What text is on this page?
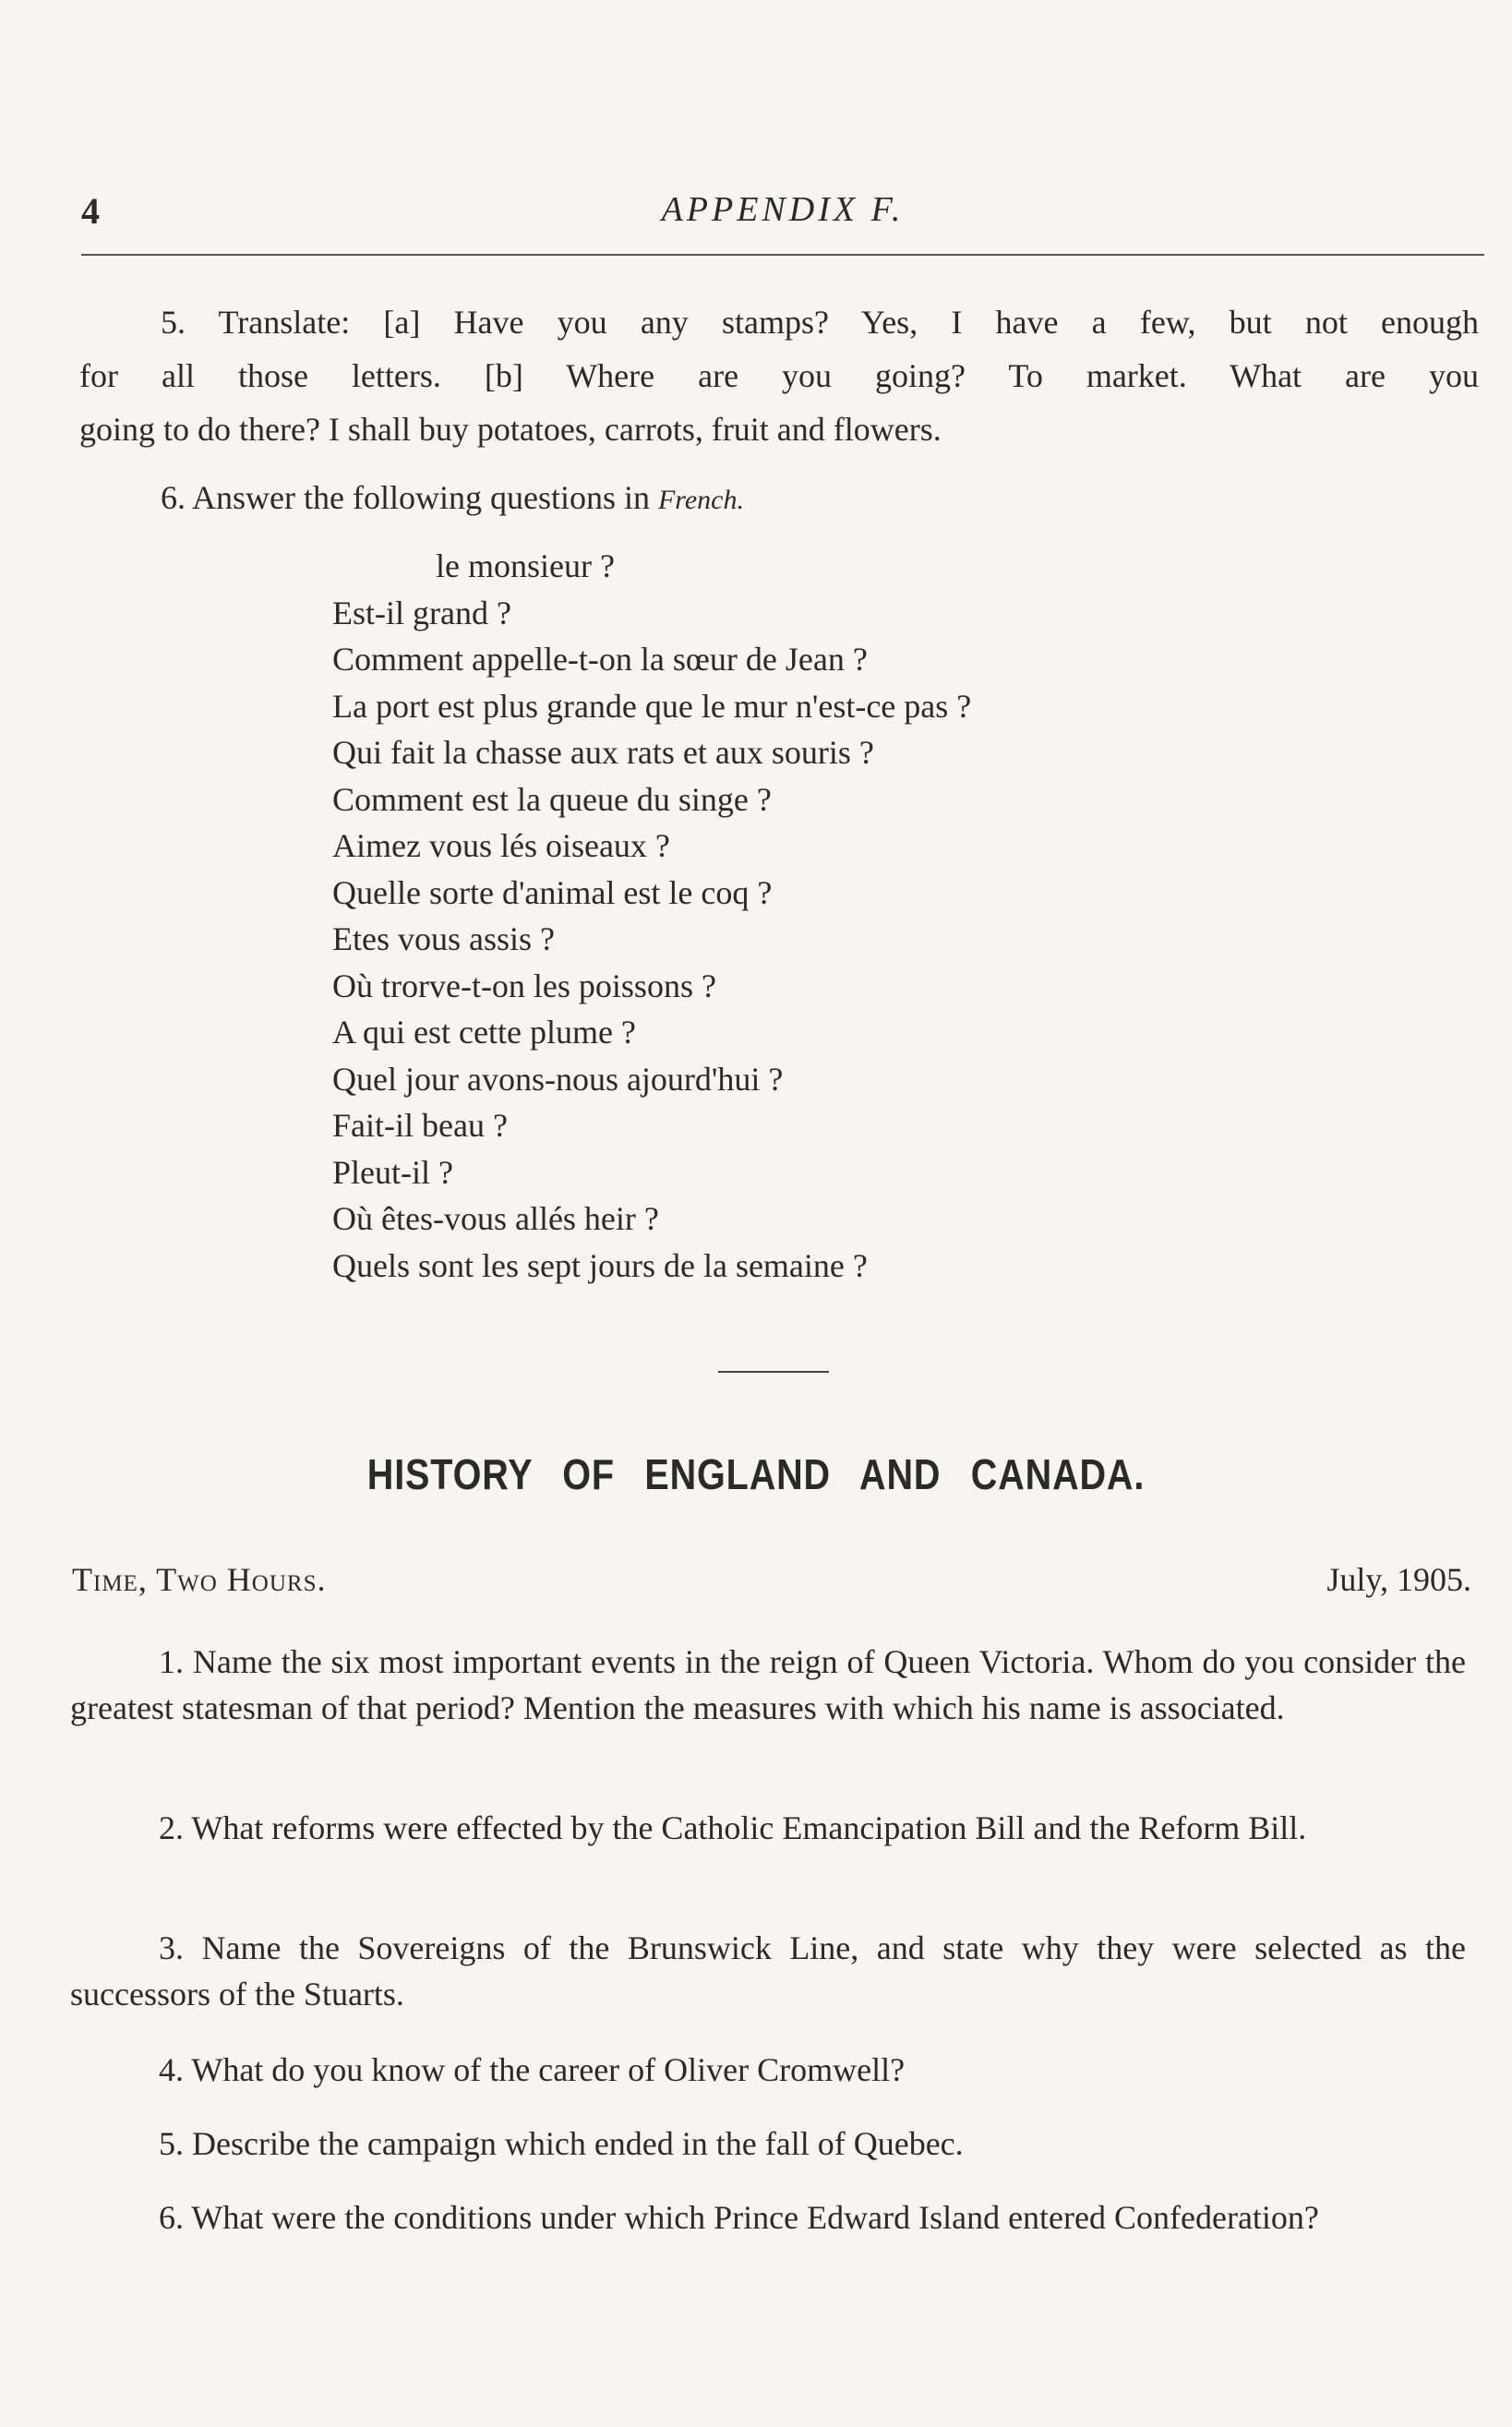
4	APPENDIX F.
5. Translate: [a] Have you any stamps? Yes, I have a few, but not enough
for all those letters. [b] Where are you going? To market. What are you
going to do there? I shall buy potatoes, carrots, fruit and flowers.
6. Answer the following questions in French.
le monsieur ?
Est-il grand ?
Comment appelle-t-on la sœur de Jean ?
La port est plus grande que le mur n'est-ce pas ?
Qui fait la chasse aux rats et aux souris ?
Comment est la queue du singe ?
Aimez vous lés oiseaux ?
Quelle sorte d'animal est le coq ?
Etes vous assis ?
Où trorve-t-on les poissons ?
A qui est cette plume ?
Quel jour avons-nous ajourd'hui ?
Fait-il beau ?
Pleut-il ?
Où êtes-vous allés heir ?
Quels sont les sept jours de la semaine ?
HISTORY OF ENGLAND AND CANADA.
Time, Two Hours.	July, 1905.
1. Name the six most important events in the reign of Queen Victoria. Whom do you consider the greatest statesman of that period? Mention the measures with which his name is associated.
2. What reforms were effected by the Catholic Emancipation Bill and the Reform Bill.
3. Name the Sovereigns of the Brunswick Line, and state why they were selected as the successors of the Stuarts.
4. What do you know of the career of Oliver Cromwell?
5. Describe the campaign which ended in the fall of Quebec.
6. What were the conditions under which Prince Edward Island entered Confederation?
